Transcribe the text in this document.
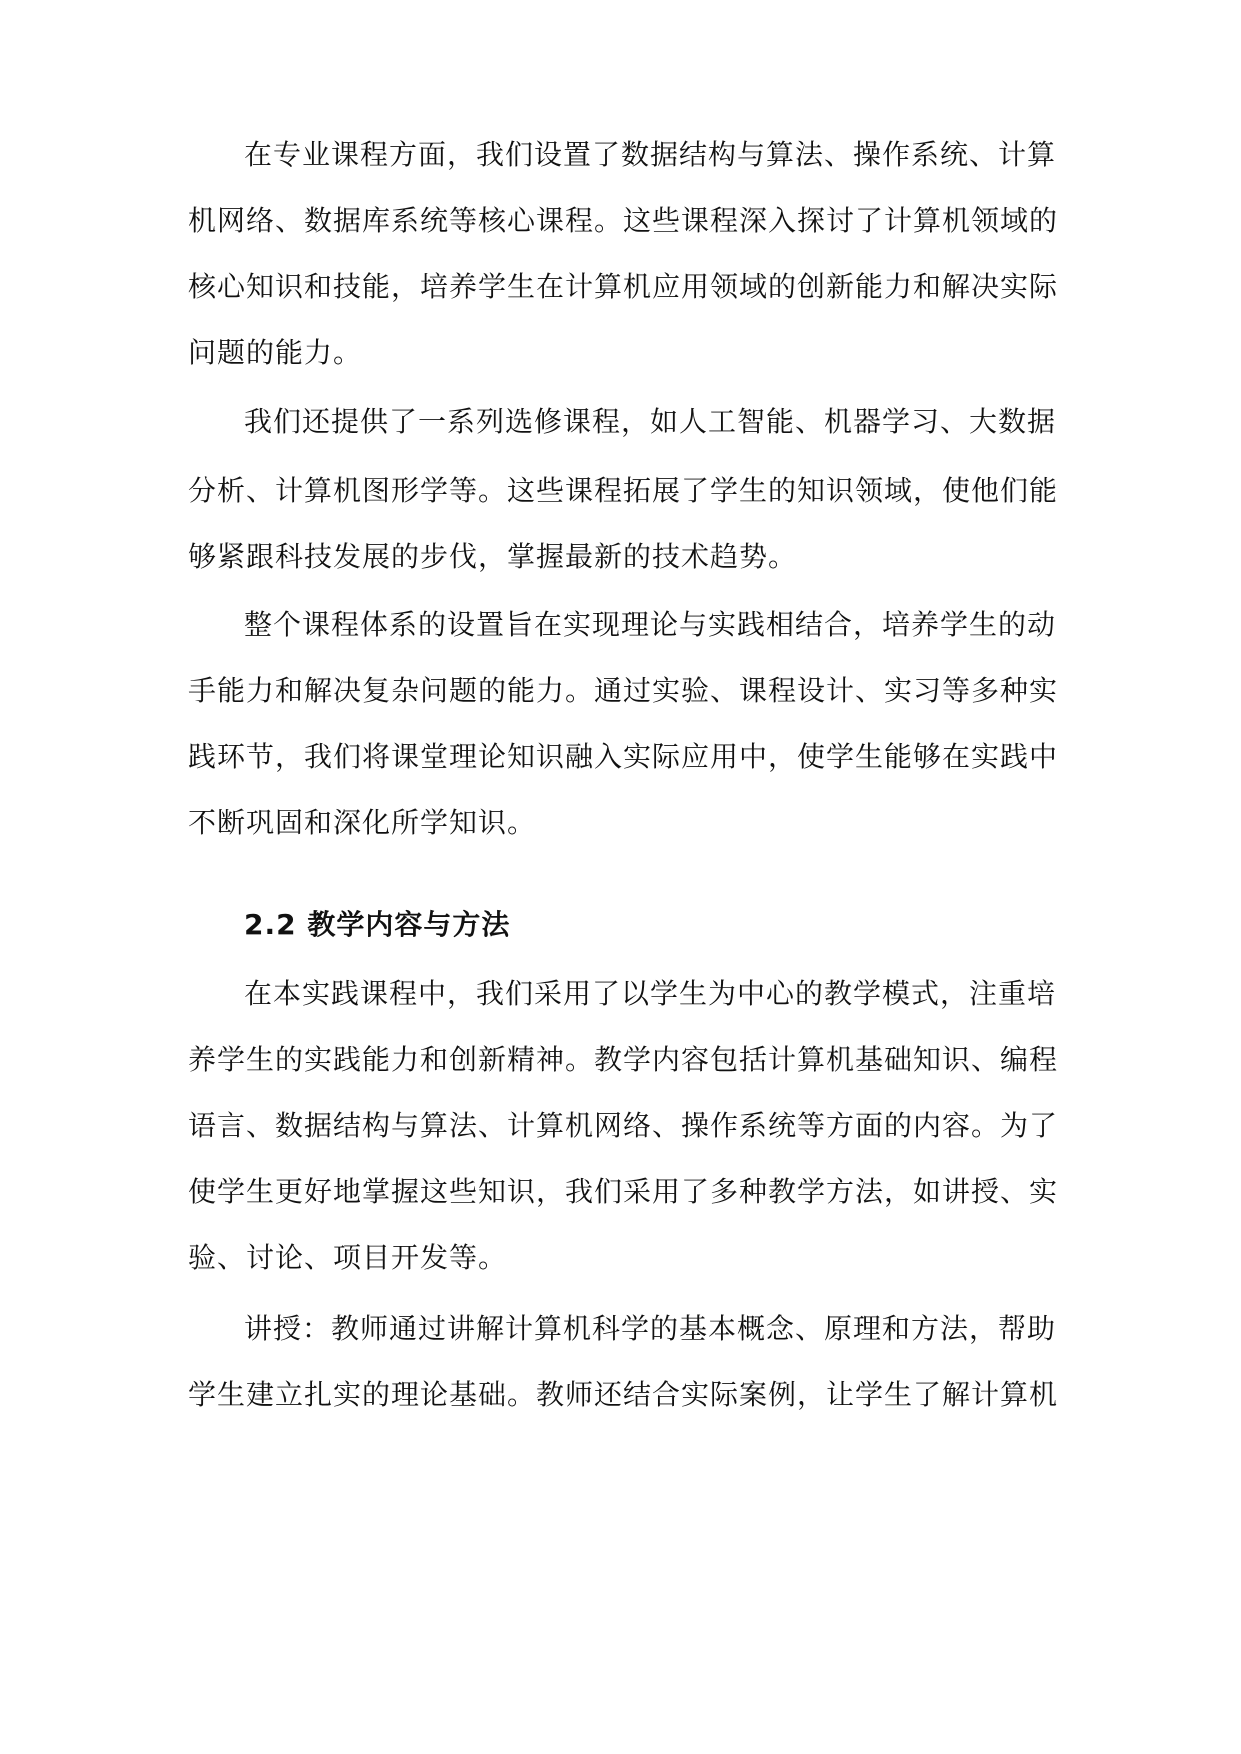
在专业课程方面，我们设置了数据结构与算法、操作系统、计算
机网络、数据库系统等核心课程。这些课程深入探讨了计算机领域的
核心知识和技能，培养学生在计算机应用领域的创新能力和解决实际
问题的能力。
我们还提供了一系列选修课程，如人工智能、机器学习、大数据
分析、计算机图形学等。这些课程拓展了学生的知识领域，使他们能
够紧跟科技发展的步伐，掌握最新的技术趋势。
整个课程体系的设置旨在实现理论与实践相结合，培养学生的动
手能力和解决复杂问题的能力。通过实验、课程设计、实习等多种实
践环节，我们将课堂理论知识融入实际应用中，使学生能够在实践中
不断巩固和深化所学知识。
2.2 教学内容与方法
在本实践课程中，我们采用了以学生为中心的教学模式，注重培
养学生的实践能力和创新精神。教学内容包括计算机基础知识、编程
语言、数据结构与算法、计算机网络、操作系统等方面的内容。为了
使学生更好地掌握这些知识，我们采用了多种教学方法，如讲授、实
验、讨论、项目开发等。
讲授：教师通过讲解计算机科学的基本概念、原理和方法，帮助
学生建立扎实的理论基础。教师还结合实际案例，让学生了解计算机
